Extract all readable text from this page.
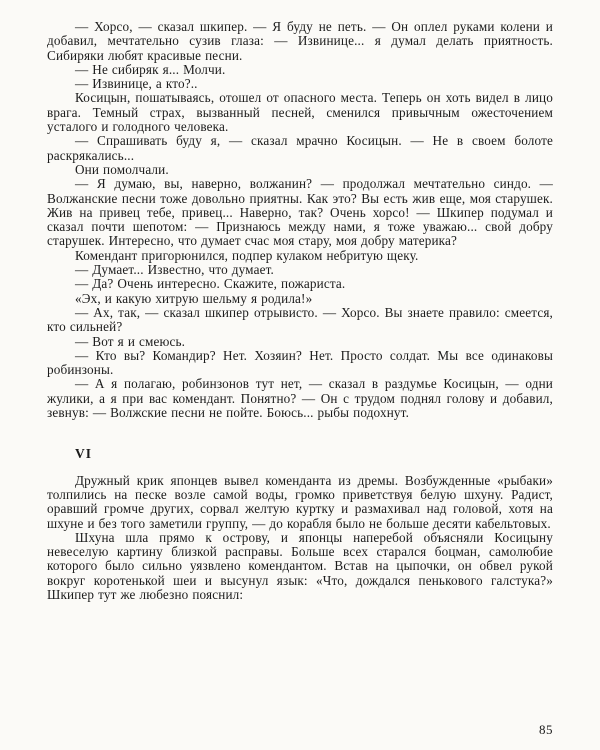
— Хорсо, — сказал шкипер. — Я буду не петь. — Он оплел руками колени и добавил, мечтательно сузив глаза: — Извинице... я думал делать приятность. Сибиряки любят красивые песни.

— Не сибиряк я... Молчи.

— Извинице, а кто?..

Косицын, пошатываясь, отошел от опасного места. Теперь он хоть видел в лицо врага. Темный страх, вызванный песней, сменился привычным ожесточением усталого и голодного человека.

— Спрашивать буду я, — сказал мрачно Косицын. — Не в своем болоте раскрякались...

Они помолчали.

— Я думаю, вы, наверно, волжанин? — продолжал мечтательно синдо. — Волжанские песни тоже довольно приятны. Как это? Вы есть жив еще, моя старушек. Жив на привец тебе, привец... Наверно, так? Очень хорсо! — Шкипер подумал и сказал почти шепотом: — Признаюсь между нами, я тоже уважаю... свой добру старушек. Интересно, что думает счас моя стару, моя добру материка?

Комендант пригорюнился, подпер кулаком небритую щеку.

— Думает... Известно, что думает.

— Да? Очень интересно. Скажите, пожариста.

«Эх, и какую хитрую шельму я родила!»

— Ах, так, — сказал шкипер отрывисто. — Хорсо. Вы знаете правило: смеется, кто сильней?

— Вот я и смеюсь.

— Кто вы? Командир? Нет. Хозяин? Нет. Просто солдат. Мы все одинаковы робинзоны.

— А я полагаю, робинзонов тут нет, — сказал в раздумье Косицын, — одни жулики, а я при вас комендант. Понятно? — Он с трудом поднял голову и добавил, зевнув: — Волжские песни не пойте. Боюсь... рыбы подохнут.

VI

Дружный крик японцев вывел коменданта из дремы. Возбужденные «рыбаки» толпились на песке возле самой воды, громко приветствуя белую шхуну. Радист, оравший громче других, сорвал желтую куртку и размахивал над головой, хотя на шхуне и без того заметили группу, — до корабля было не больше десяти кабельтовых.

Шхуна шла прямо к острову, и японцы наперебой объясняли Косицыну невеселую картину близкой расправы. Больше всех старался боцман, самолюбие которого было сильно уязвлено комендантом. Встав на цыпочки, он обвел рукой вокруг коротенькой шеи и высунул язык: «Что, дождался пенькового галстука?» Шкипер тут же любезно пояснил:

85
